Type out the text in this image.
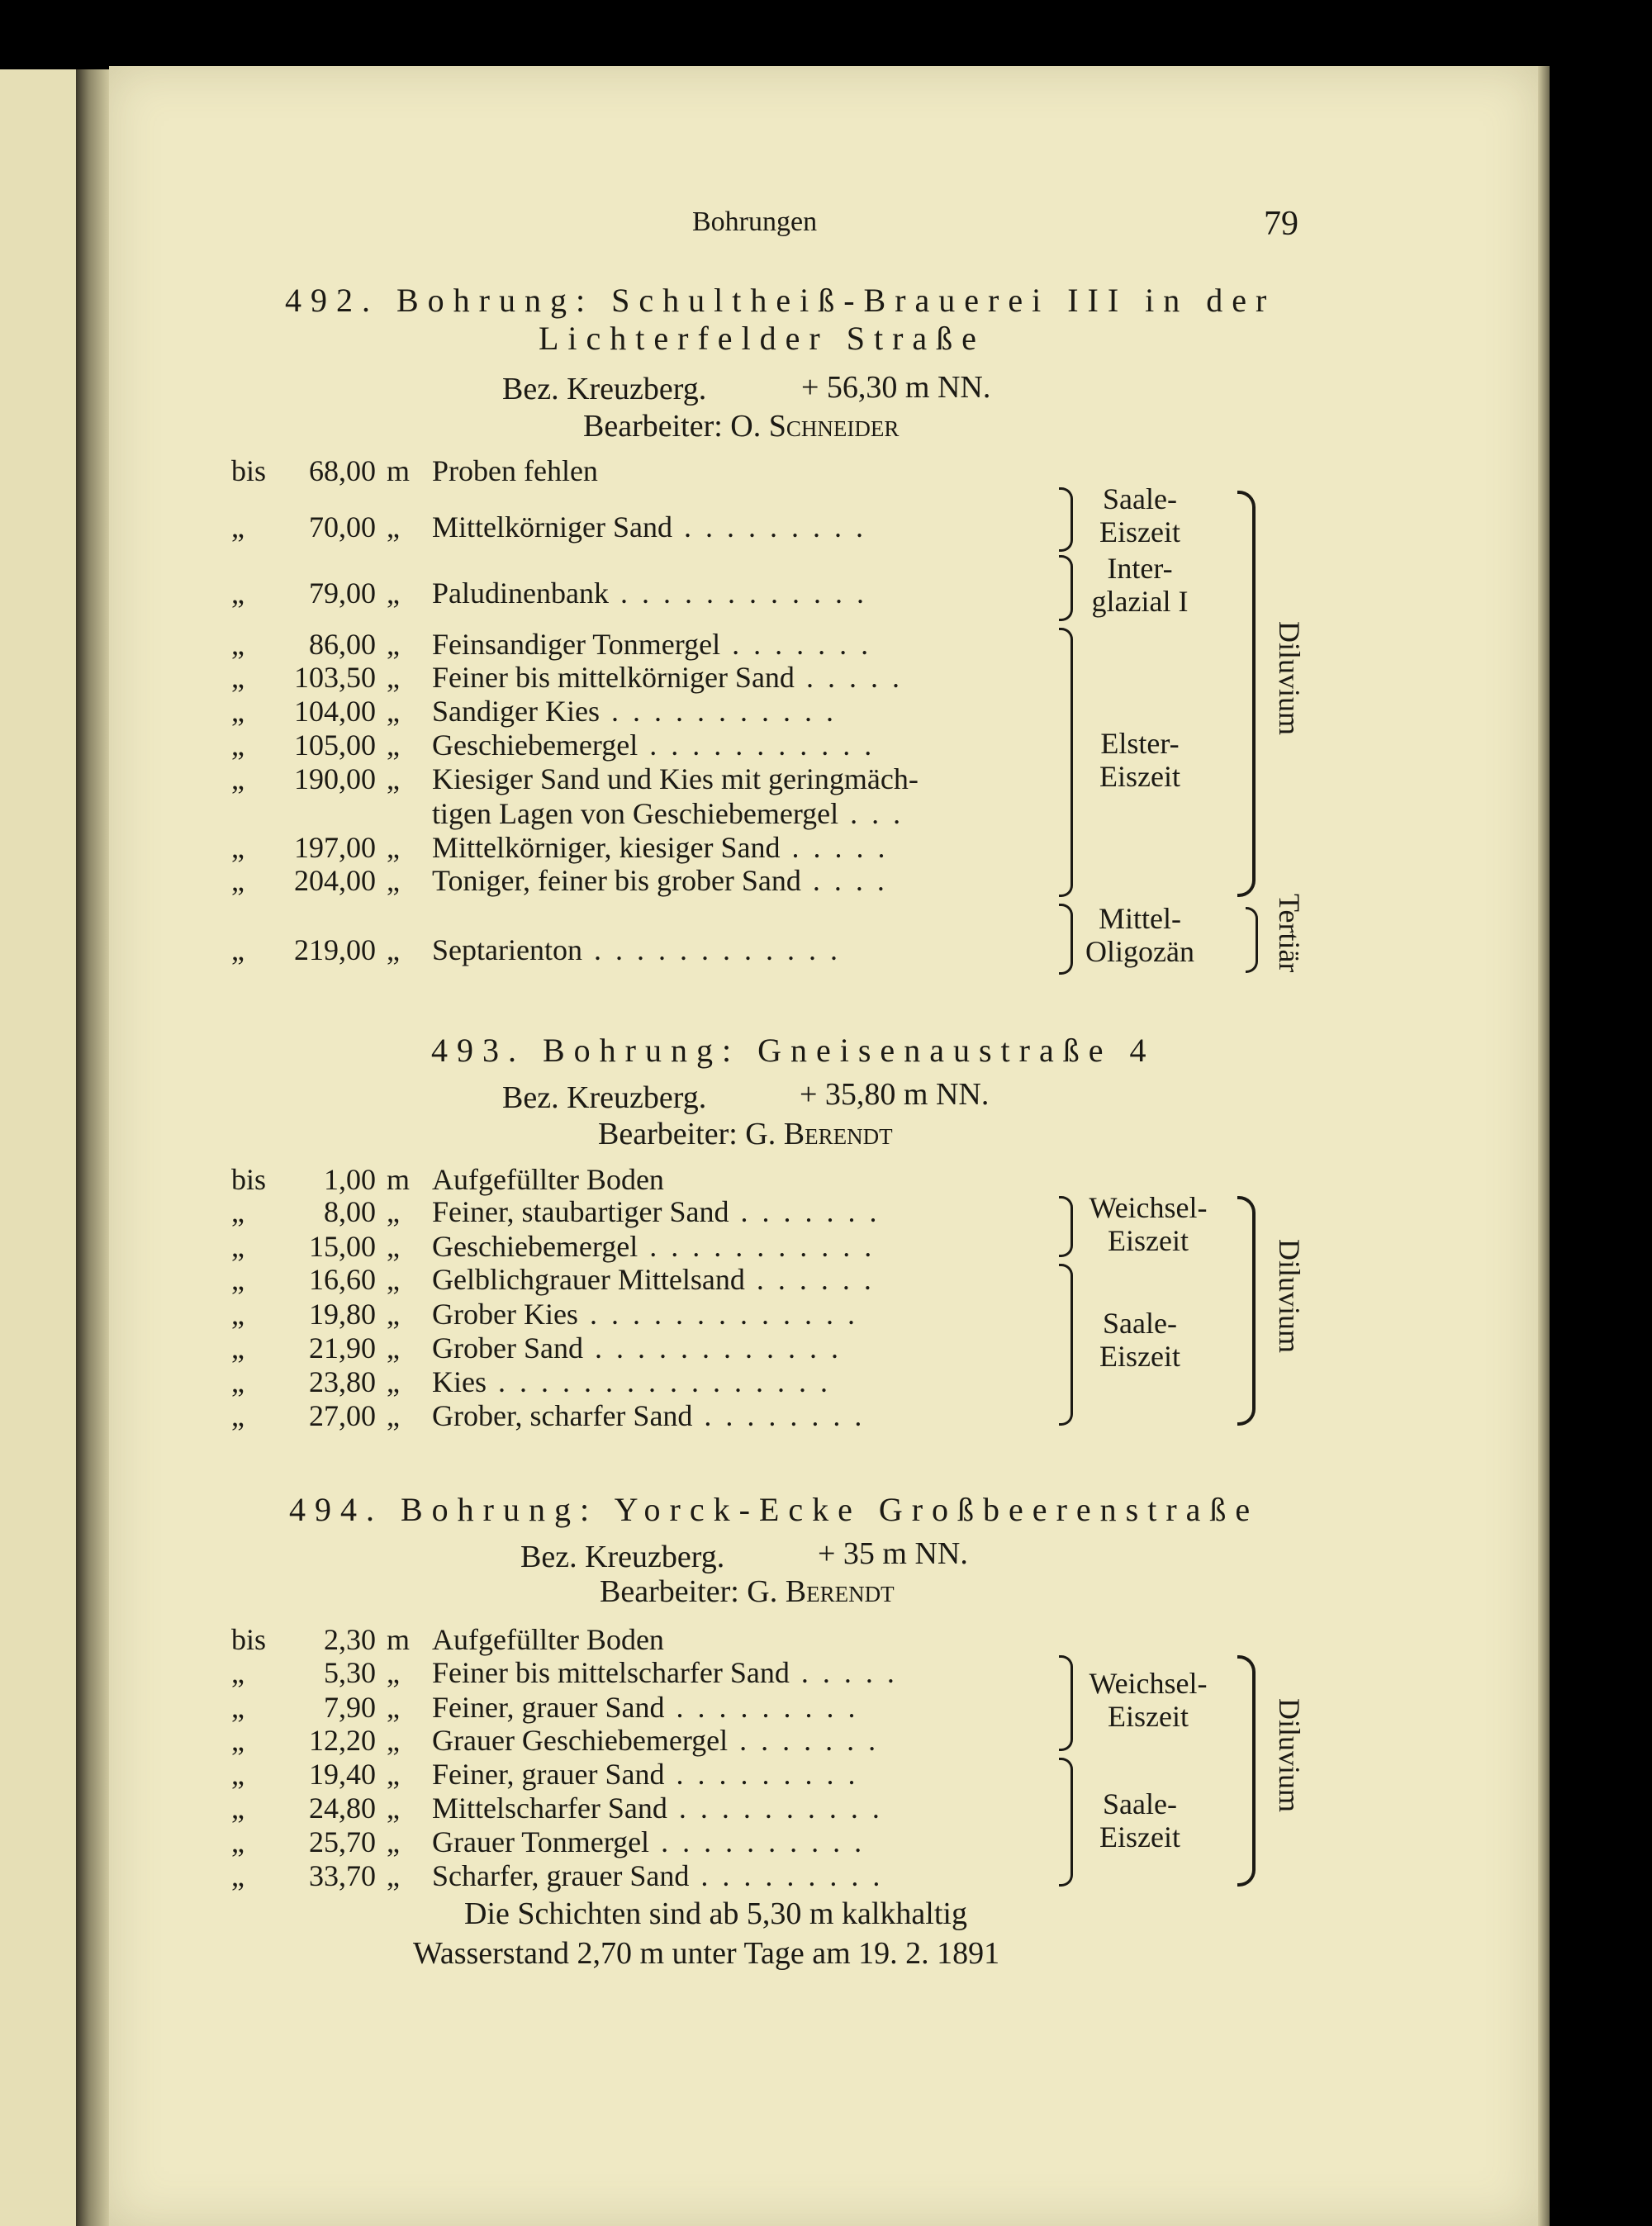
Bohrungen	79
492. Bohrung: Schultheiß-Brauerei III in der
Lichterfelder Straße
Bez. Kreuzberg.	+ 56,30 m NN.
Bearbeiter: O. Schneider
bis	68,00 m Proben fehlen
„	70,00 „ Mittelkörniger Sand . . . . . . . . .
„	79,00 „ Paludinenbank . . . . . . . . . . . .
„	86,00 „ Feinsandiger Tonmergel . . . . . . .
„ 103,50 „ Feiner bis mittelkörniger Sand . . . . .
„ 104,00 „ Sandiger Kies . . . . . . . . . . .
„ 105,00 „ Geschiebemergel . . . . . . . . . . .
„ 190,00 „ Kiesiger Sand und Kies mit geringmäch-
tigen Lagen von Geschiebemergel . . .
„ 197,00 „ Mittelkörniger, kiesiger Sand . . . . .
„ 204,00 „ Toniger, feiner bis grober Sand . . . .
„ 219,00 „ Septarienton . . . . . . . . . . . .
Saale-
Eiszeit
Inter-
glazial I
Elster-
Eiszeit
Mittel-
Oligozän
Diluvium
Tertiär
493. Bohrung: Gneisenaustraße 4
Bez. Kreuzberg.	+ 35,80 m NN.
Bearbeiter: G. Berendt
bis	1,00 m Aufgefüllter Boden
„	8,00 „ Feiner, staubartiger Sand . . . . . . .
„	15,00 „ Geschiebemergel . . . . . . . . . . .
„	16,60 „ Gelblichgrauer Mittelsand . . . . . .
„	19,80 „ Grober Kies . . . . . . . . . . . . .
„	21,90 „ Grober Sand . . . . . . . . . . . .
„	23,80 „ Kies . . . . . . . . . . . . . . . .
„	27,00 „ Grober, scharfer Sand . . . . . . . .
Weichsel-
Eiszeit
Saale-
Eiszeit
Diluvium
494. Bohrung: Yorck-Ecke Großbeerenstraße
Bez. Kreuzberg.	+ 35 m NN.
Bearbeiter: G. Berendt
bis	2,30 m Aufgefüllter Boden
„	5,30 „ Feiner bis mittelscharfer Sand . . . . .
„	7,90 „ Feiner, grauer Sand . . . . . . . . .
„	12,20 „ Grauer Geschiebemergel . . . . . . .
„	19,40 „ Feiner, grauer Sand . . . . . . . . .
„	24,80 „ Mittelscharfer Sand . . . . . . . . . .
„	25,70 „ Grauer Tonmergel . . . . . . . . . .
„	33,70 „ Scharfer, grauer Sand . . . . . . . . .
Weichsel-
Eiszeit
Saale-
Eiszeit
Diluvium
Die Schichten sind ab 5,30 m kalkhaltig
Wasserstand 2,70 m unter Tage am 19. 2. 1891
